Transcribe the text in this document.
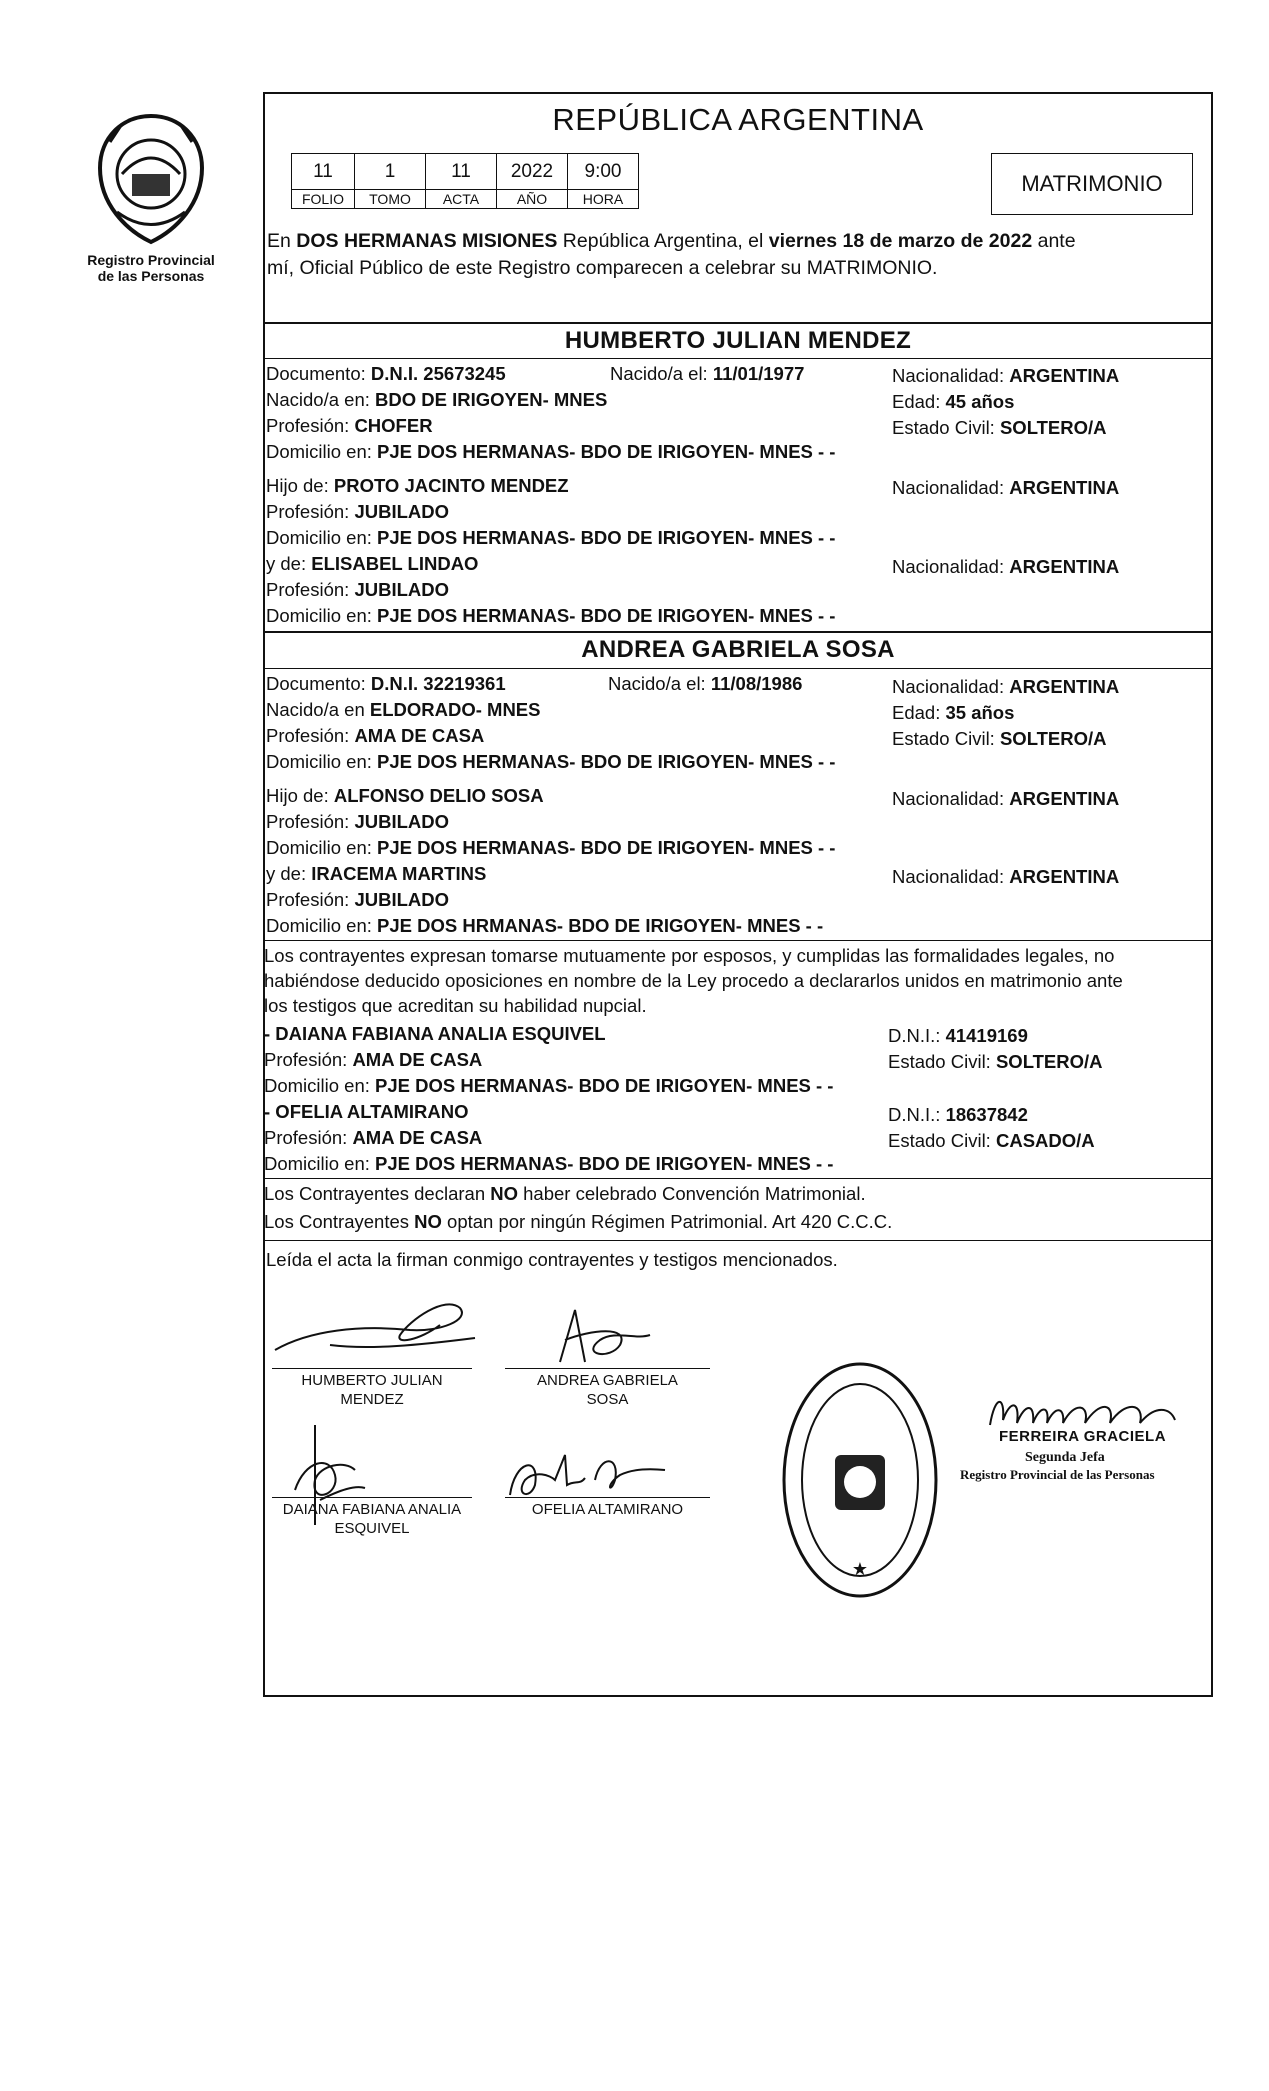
Registro Provincial
de las Personas
REPÚBLICA ARGENTINA
11	1	11	2022	9:00
FOLIO	TOMO	ACTA	AÑO	HORA
MATRIMONIO
En DOS HERMANAS MISIONES República Argentina, el viernes 18 de marzo de 2022 ante
mí, Oficial Público de este Registro comparecen a celebrar su MATRIMONIO.
HUMBERTO JULIAN MENDEZ
Documento: D.N.I. 25673245	Nacido/a el: 11/01/1977	Nacionalidad: ARGENTINA
Nacido/a en: BDO DE IRIGOYEN- MNES	Edad: 45 años
Profesión: CHOFER	Estado Civil: SOLTERO/A
Domicilio en: PJE DOS HERMANAS- BDO DE IRIGOYEN- MNES - -
Hijo de: PROTO JACINTO MENDEZ	Nacionalidad: ARGENTINA
Profesión: JUBILADO
Domicilio en: PJE DOS HERMANAS- BDO DE IRIGOYEN- MNES - -
y de: ELISABEL LINDAO	Nacionalidad: ARGENTINA
Profesión: JUBILADO
Domicilio en: PJE DOS HERMANAS- BDO DE IRIGOYEN- MNES - -
ANDREA GABRIELA SOSA
Documento: D.N.I. 32219361	Nacido/a el: 11/08/1986	Nacionalidad: ARGENTINA
Nacido/a en ELDORADO- MNES	Edad: 35 años
Profesión: AMA DE CASA	Estado Civil: SOLTERO/A
Domicilio en: PJE DOS HERMANAS- BDO DE IRIGOYEN- MNES - -
Hijo de: ALFONSO DELIO SOSA	Nacionalidad: ARGENTINA
Profesión: JUBILADO
Domicilio en: PJE DOS HERMANAS- BDO DE IRIGOYEN- MNES - -
y de: IRACEMA MARTINS	Nacionalidad: ARGENTINA
Profesión: JUBILADO
Domicilio en: PJE DOS HRMANAS- BDO DE IRIGOYEN- MNES - -
Los contrayentes expresan tomarse mutuamente por esposos, y cumplidas las formalidades legales, no
habiéndose deducido oposiciones en nombre de la Ley procedo a declararlos unidos en matrimonio ante
los testigos que acreditan su habilidad nupcial.
- DAIANA FABIANA ANALIA ESQUIVEL	D.N.I.: 41419169
Profesión: AMA DE CASA	Estado Civil: SOLTERO/A
Domicilio en: PJE DOS HERMANAS- BDO DE IRIGOYEN- MNES - -
- OFELIA ALTAMIRANO	D.N.I.: 18637842
Profesión: AMA DE CASA	Estado Civil: CASADO/A
Domicilio en: PJE DOS HERMANAS- BDO DE IRIGOYEN- MNES - -
Los Contrayentes declaran NO haber celebrado Convención Matrimonial.
Los Contrayentes NO optan por ningún Régimen Patrimonial. Art 420 C.C.C.
Leída el acta la firman conmigo contrayentes y testigos mencionados.
HUMBERTO JULIAN
MENDEZ
ANDREA GABRIELA
SOSA
DAIANA FABIANA ANALIA
ESQUIVEL
OFELIA ALTAMIRANO
★
FERREIRA GRACIELA
Segunda Jefa
Registro Provincial de las Personas
